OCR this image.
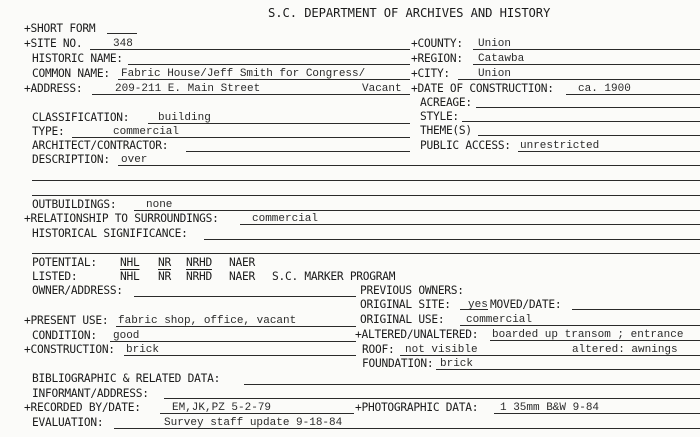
S.C. DEPARTMENT OF ARCHIVES AND HISTORY
+SHORT FORM
+SITE NO.	348
HISTORIC NAME:
COMMON NAME: Fabric House/Jeff Smith for Congress/
+ADDRESS:	209-211 E. Main Street	Vacant
+COUNTY: Union
+REGION: Catawba
+CITY:	Union
+DATE OF CONSTRUCTION: ca. 1900
ACREAGE:
CLASSIFICATION:	building
TYPE:	commercial
ARCHITECT/CONTRACTOR:
DESCRIPTION: over
STYLE:
THEME(S)
PUBLIC ACCESS: unrestricted
OUTBUILDINGS:	none
+RELATIONSHIP TO SURROUNDINGS:	commercial
HISTORICAL SIGNIFICANCE:
POTENTIAL: NHL NR NRHD NAER
LISTED:	$\overline{NHL}$ $\overline{NR}$ NRHD NAER S.C. MARKER PROGRAM
OWNER/ADDRESS:	PREVIOUS OWNERS:
ORIGINAL SITE: yes MOVED/DATE:
ORIGINAL USE: commercial
+PRESENT USE: fabric shop, office, vacant
CONDITION: good
+CONSTRUCTION: brick
+ALTERED/UNALTERED: boarded up transom ; entrance
ROOF: not visible	altered: awnings
FOUNDATION: brick
BIBLIOGRAPHIC & RELATED DATA:
INFORMANT/ADDRESS:
+RECORDED BY/DATE:	EM,JK,PZ 5-2-79	+PHOTOGRAPHIC DATA: 1 35mm B&W 9-84
EVALUATION:	Survey staff update 9-18-84
